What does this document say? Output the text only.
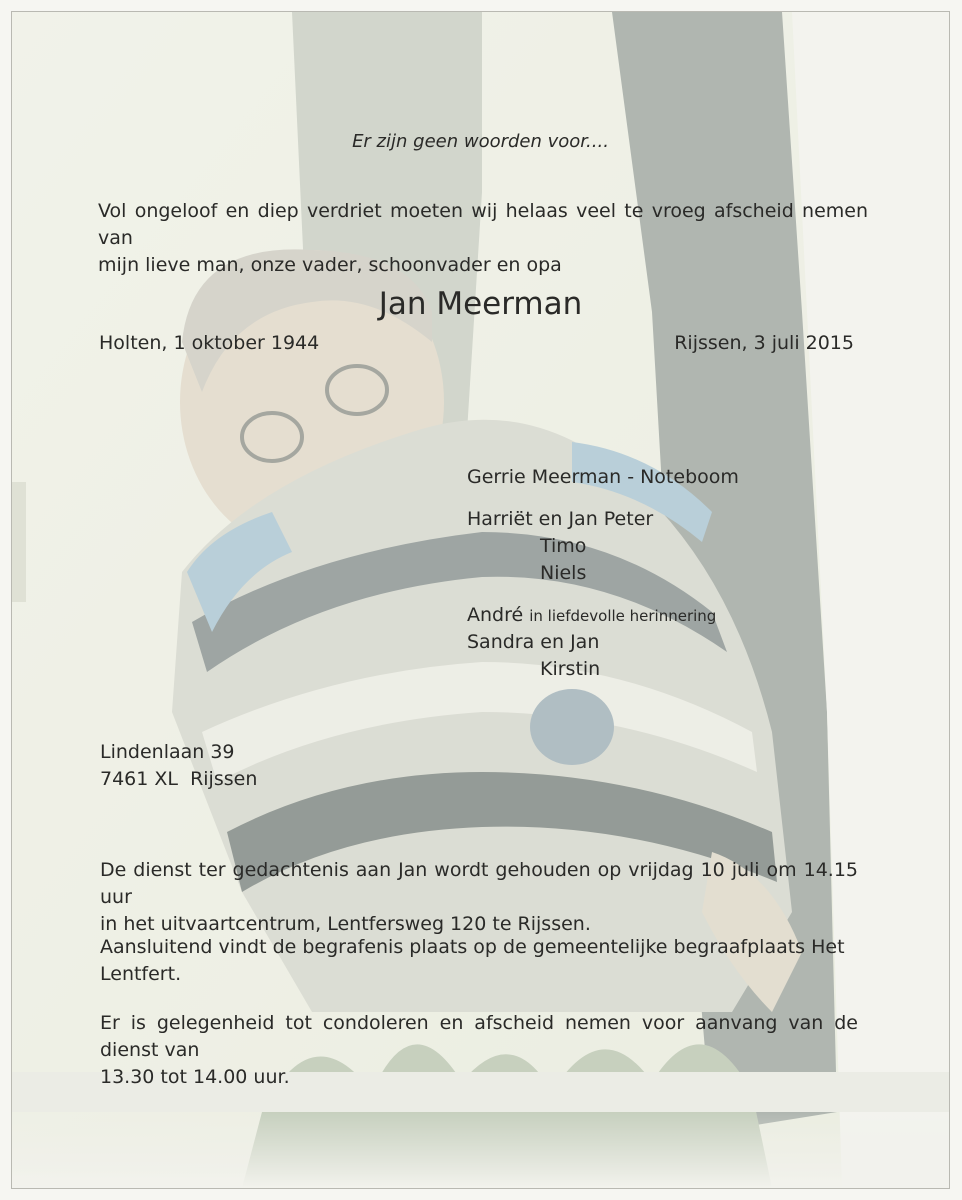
Er zijn geen woorden voor....
Vol ongeloof en diep verdriet moeten wij helaas veel te vroeg afscheid nemen van
mijn lieve man, onze vader, schoonvader en opa
Jan Meerman
Holten, 1 oktober 1944	Rijssen, 3 juli 2015
Gerrie Meerman - Noteboom
Harriët en Jan Peter
Timo
Niels
André in liefdevolle herinnering
Sandra en Jan
Kirstin
Lindenlaan 39
7461 XL  Rijssen
De dienst ter gedachtenis aan Jan wordt gehouden op vrijdag 10 juli om 14.15 uur
in het uitvaartcentrum, Lentfersweg 120 te Rijssen.
Aansluitend vindt de begrafenis plaats op de gemeentelijke begraafplaats Het
Lentfert.
Er is gelegenheid tot condoleren en afscheid nemen voor aanvang van de dienst van
13.30 tot 14.00 uur.
